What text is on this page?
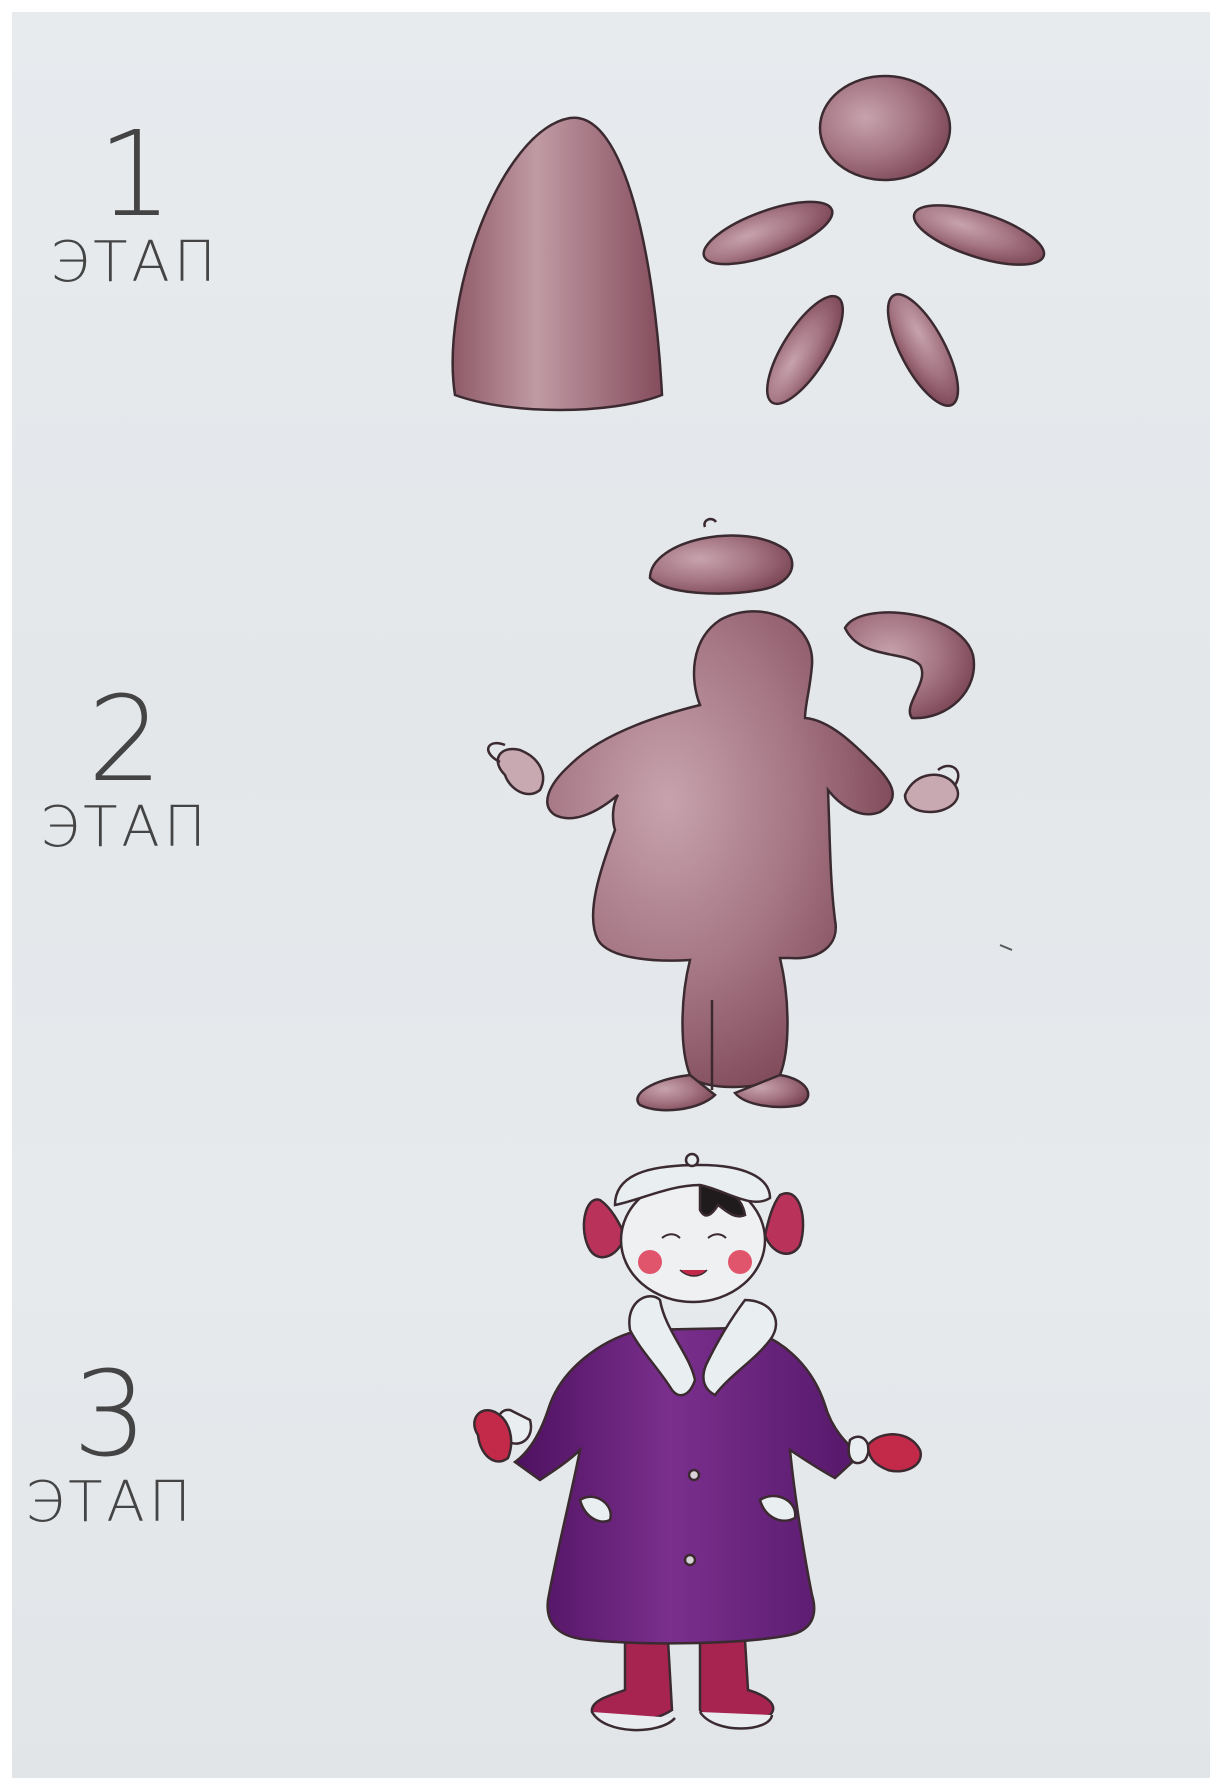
1
ЭТАП
2
ЭТАП
3
ЭТАП
